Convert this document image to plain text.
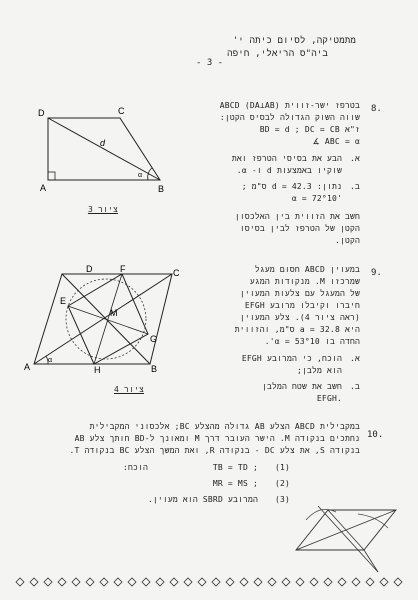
מתמטיקה, לסיום כיתה י'
ביה"ס הריאלי, חיפה
- 3 -
8.
בטרפז ישר-זווית ABCD (DA⊥AB)
שווה השוק הגדולה לבסיס הקטן:
BD = d ; DC = CB ז"א
∡ ABC = α
א.
הבע את בסיסי הטרפז ואת
שוקיו באמצעות d ו- α.
ב.
נתון: d = 42.3 ס"מ ;
α = 72°10'
חשב את הזווית בין האלכסון
הקטן של הטרפז לבין בסיסו
הקטן.
D	C
A	B
d
α
ציור 3
9.
במעוין ABCD חסום מעגל
שמרכזו M. מנקודות המגע
של המעגל עם צלעות המעוין
חיברו וקיבלו מרובע EFGH
(ראה ציור 4). צלע המעוין
היא a = 32.8 ס"מ, והזווית
החדה בו α = 53°10'.
א.
הוכח, כי המרובע EFGH
הוא מלבן;
ב.
חשב את שטח המלבן
EFGH.
A	B
C
D
E
F
G
H
M
α
ציור 4
10.
במקבילית ABCD הצלע AB גדולה מהצלע BC; אלכסוני המקבילית
נחתכים בנקודה M. הישר העובר דרך M ומאונך ל-BD חותך צלע AB
בנקודה S, את צלע DC - בנקודה R, ואת המשך הצלע BC בנקודה T.
הוכח:	(1)
TB = TD ;
(2)
MR = MS ;
(3)
המרובע SBRD הוא מעוין.
